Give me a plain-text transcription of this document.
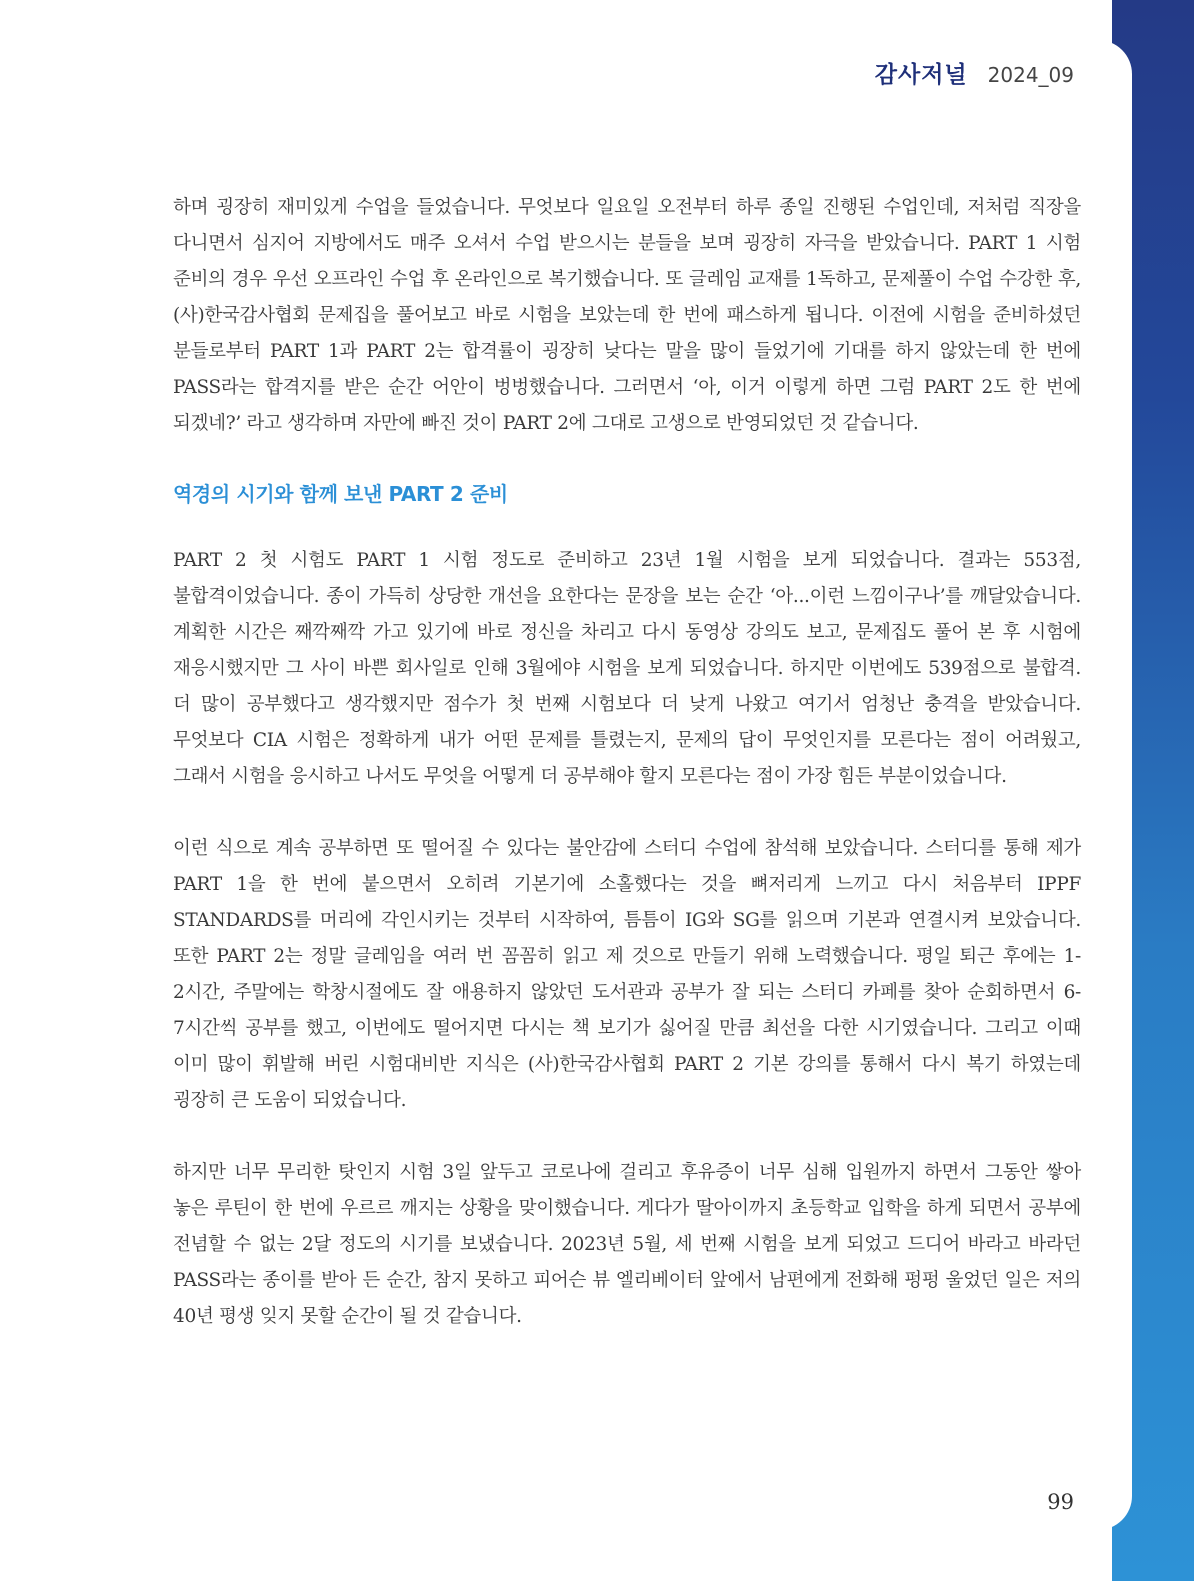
감사저널 2024_09

하며 굉장히 재미있게 수업을 들었습니다. 무엇보다 일요일 오전부터 하루 종일 진행된 수업인데, 저처럼 직장을 다니면서 심지어 지방에서도 매주 오셔서 수업 받으시는 분들을 보며 굉장히 자극을 받았습니다. PART 1 시험 준비의 경우 우선 오프라인 수업 후 온라인으로 복기했습니다. 또 글레임 교재를 1독하고, 문제풀이 수업 수강한 후, (사)한국감사협회 문제집을 풀어보고 바로 시험을 보았는데 한 번에 패스하게 됩니다. 이전에 시험을 준비하셨던 분들로부터 PART 1과 PART 2는 합격률이 굉장히 낮다는 말을 많이 들었기에 기대를 하지 않았는데 한 번에 PASS라는 합격지를 받은 순간 어안이 벙벙했습니다. 그러면서 ‘아, 이거 이렇게 하면 그럼 PART 2도 한 번에 되겠네?’ 라고 생각하며 자만에 빠진 것이 PART 2에 그대로 고생으로 반영되었던 것 같습니다.

역경의 시기와 함께 보낸 PART 2 준비

PART 2 첫 시험도 PART 1 시험 정도로 준비하고 23년 1월 시험을 보게 되었습니다. 결과는 553점, 불합격이었습니다. 종이 가득히 상당한 개선을 요한다는 문장을 보는 순간 ‘아...이런 느낌이구나’를 깨달았습니다. 계획한 시간은 째깍째깍 가고 있기에 바로 정신을 차리고 다시 동영상 강의도 보고, 문제집도 풀어 본 후 시험에 재응시했지만 그 사이 바쁜 회사일로 인해 3월에야 시험을 보게 되었습니다. 하지만 이번에도 539점으로 불합격. 더 많이 공부했다고 생각했지만 점수가 첫 번째 시험보다 더 낮게 나왔고 여기서 엄청난 충격을 받았습니다. 무엇보다 CIA 시험은 정확하게 내가 어떤 문제를 틀렸는지, 문제의 답이 무엇인지를 모른다는 점이 어려웠고, 그래서 시험을 응시하고 나서도 무엇을 어떻게 더 공부해야 할지 모른다는 점이 가장 힘든 부분이었습니다.

이런 식으로 계속 공부하면 또 떨어질 수 있다는 불안감에 스터디 수업에 참석해 보았습니다. 스터디를 통해 제가 PART 1을 한 번에 붙으면서 오히려 기본기에 소홀했다는 것을 뼈저리게 느끼고 다시 처음부터 IPPF STANDARDS를 머리에 각인시키는 것부터 시작하여, 틈틈이 IG와 SG를 읽으며 기본과 연결시켜 보았습니다. 또한 PART 2는 정말 글레임을 여러 번 꼼꼼히 읽고 제 것으로 만들기 위해 노력했습니다. 평일 퇴근 후에는 1-2시간, 주말에는 학창시절에도 잘 애용하지 않았던 도서관과 공부가 잘 되는 스터디 카페를 찾아 순회하면서 6-7시간씩 공부를 했고, 이번에도 떨어지면 다시는 책 보기가 싫어질 만큼 최선을 다한 시기였습니다. 그리고 이때 이미 많이 휘발해 버린 시험대비반 지식은 (사)한국감사협회 PART 2 기본 강의를 통해서 다시 복기 하였는데 굉장히 큰 도움이 되었습니다.

하지만 너무 무리한 탓인지 시험 3일 앞두고 코로나에 걸리고 후유증이 너무 심해 입원까지 하면서 그동안 쌓아 놓은 루틴이 한 번에 우르르 깨지는 상황을 맞이했습니다. 게다가 딸아이까지 초등학교 입학을 하게 되면서 공부에 전념할 수 없는 2달 정도의 시기를 보냈습니다. 2023년 5월, 세 번째 시험을 보게 되었고 드디어 바라고 바라던 PASS라는 종이를 받아 든 순간, 참지 못하고 피어슨 뷰 엘리베이터 앞에서 남편에게 전화해 펑펑 울었던 일은 저의 40년 평생 잊지 못할 순간이 될 것 같습니다.

99
